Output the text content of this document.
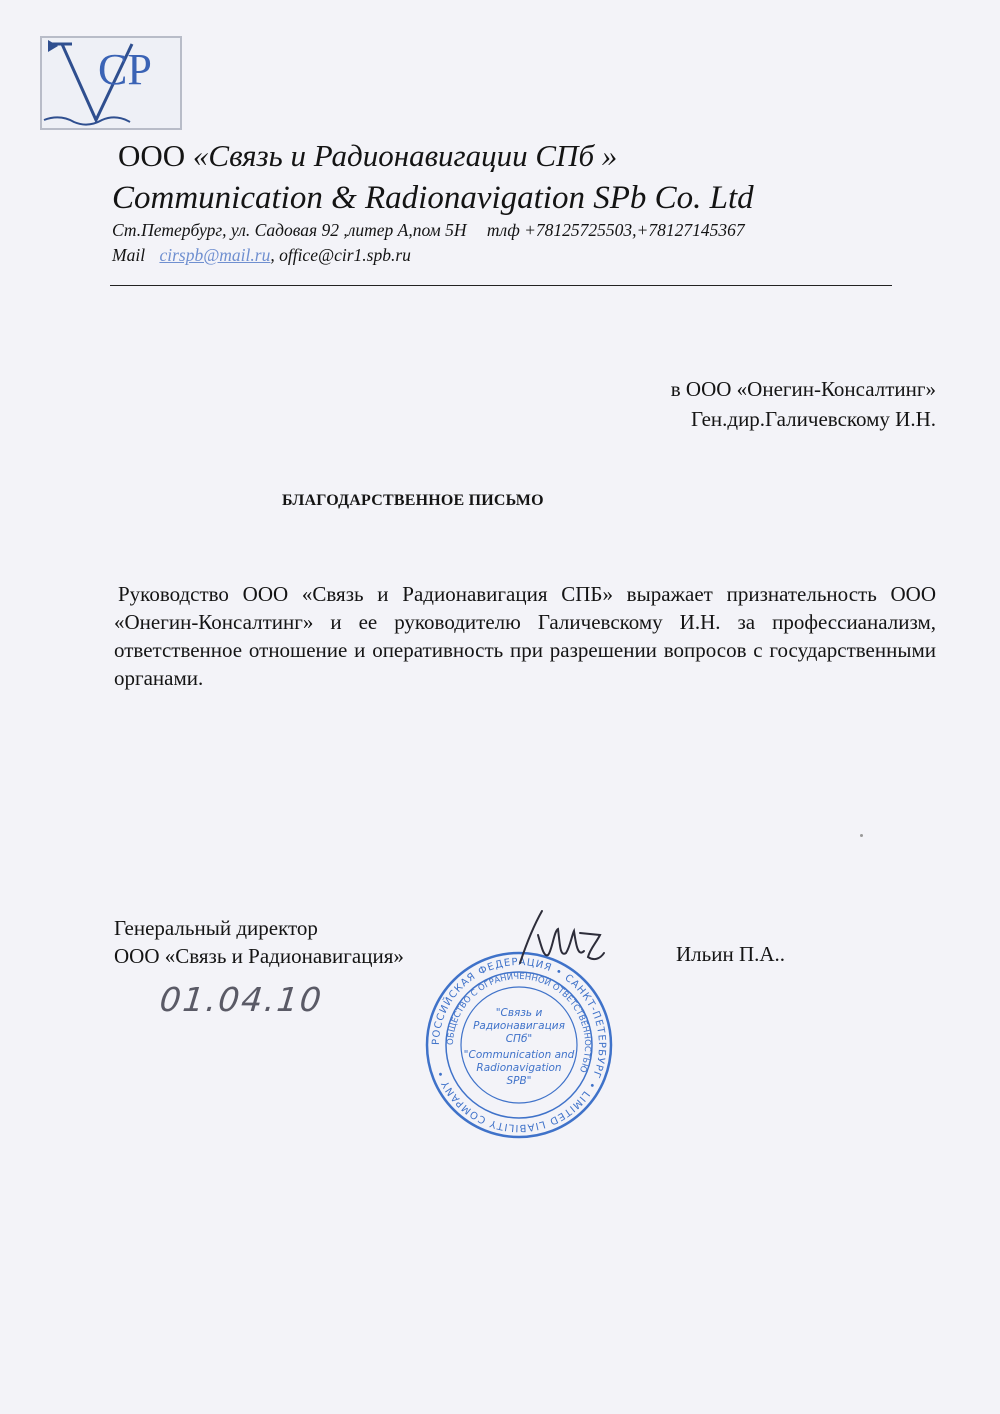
CP
ООО «Связь и Радионавигации СПб »
Communication & Radionavigation SPb Co. Ltd
Ст.Петербург, ул. Садовая 92 ,литер А,пом 5Н тлф +78125725503,+78127145367
Mail cirspb@mail.ru, office@cir1.spb.ru
в ООО «Онегин-Консалтинг»
Ген.дир.Галичевскому И.Н.
БЛАГОДАРСТВЕННОЕ ПИСЬМО
Руководство ООО «Связь и Радионавигация СПБ» выражает признательность ООО «Онегин-Консалтинг» и ее руководителю Галичевскому И.Н. за профессианализм, ответственное отношение и оперативность при разрешении вопросов с государственными органами.
Генеральный директор
ООО «Связь и Радионавигация»	Ильин П.А..
01.04.10
РОССИЙСКАЯ ФЕДЕРАЦИЯ • САНКТ-ПЕТЕРБУРГ • LIMITED LIABILITY COMPANY •
ОБЩЕСТВО С ОГРАНИЧЕННОЙ ОТВЕТСТВЕННОСТЬЮ
"Связь и
Радионавигация
СПб"
"Communication and
Radionavigation
SPB"
